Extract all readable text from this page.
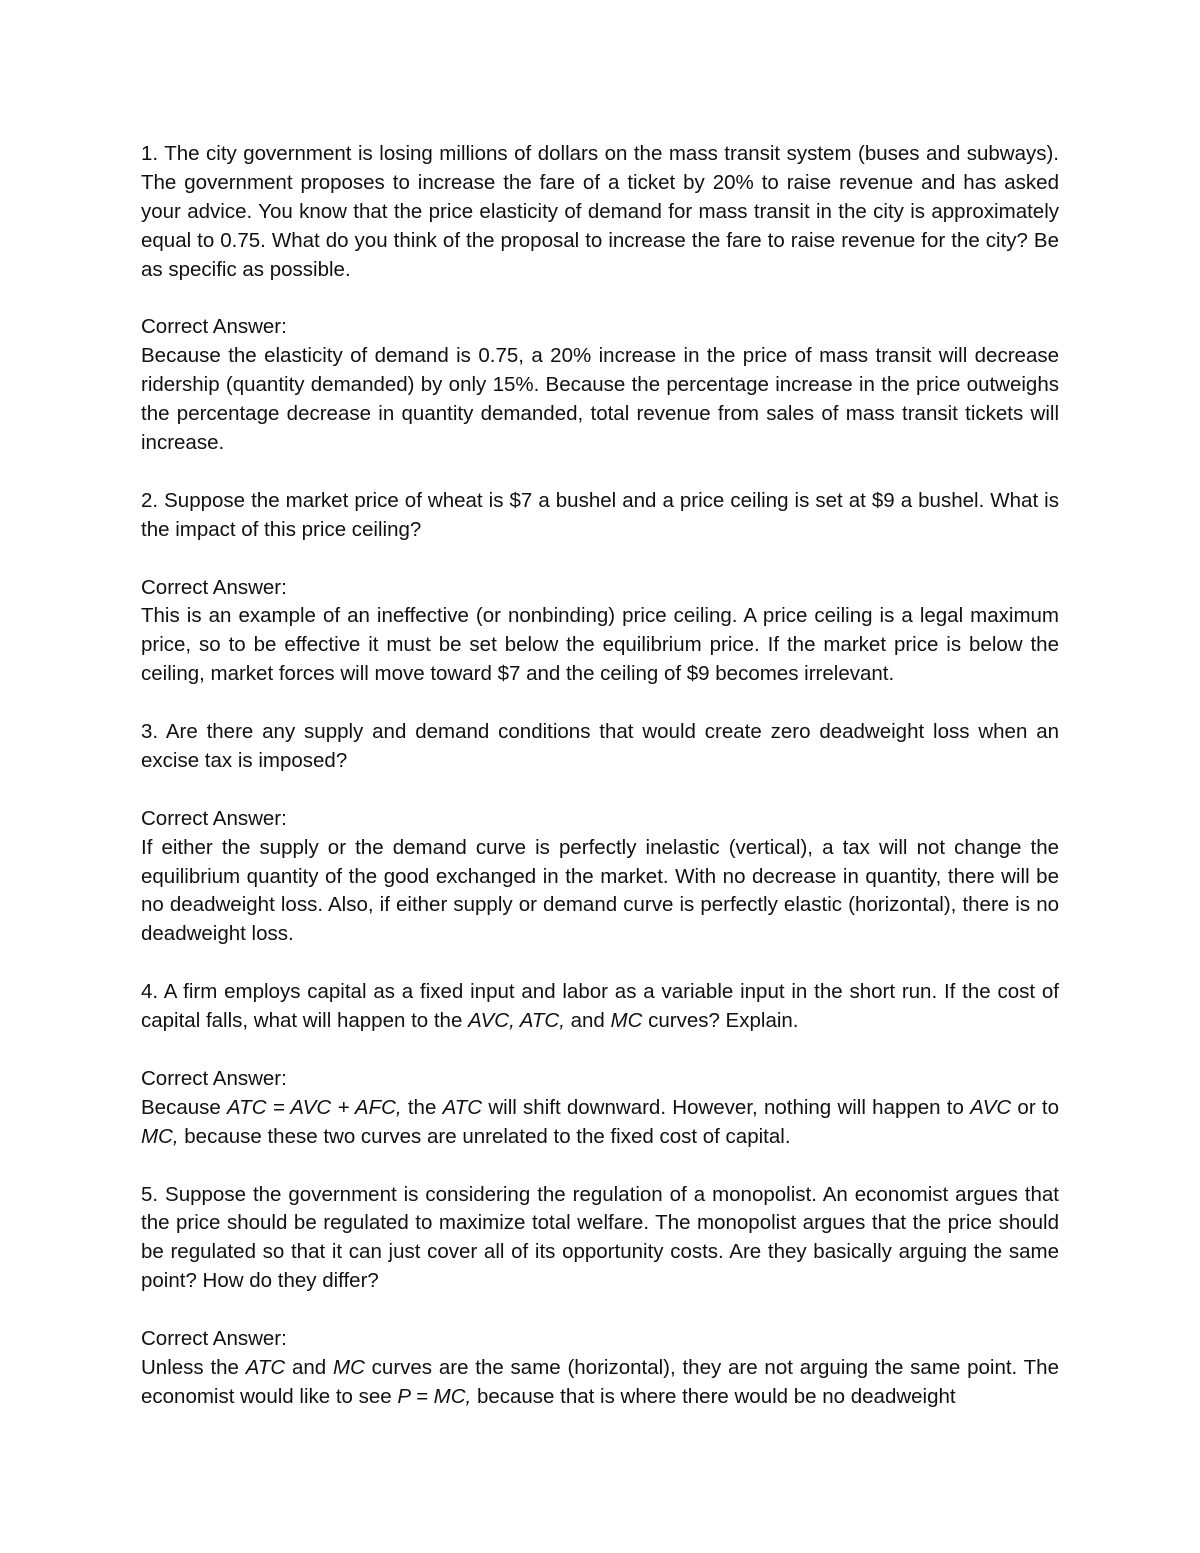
1. The city government is losing millions of dollars on the mass transit system (buses and subways). The government proposes to increase the fare of a ticket by 20% to raise revenue and has asked your advice. You know that the price elasticity of demand for mass transit in the city is approximately equal to 0.75. What do you think of the proposal to increase the fare to raise revenue for the city? Be as specific as possible.

Correct Answer:

Because the elasticity of demand is 0.75, a 20% increase in the price of mass transit will decrease ridership (quantity demanded) by only 15%. Because the percentage increase in the price outweighs the percentage decrease in quantity demanded, total revenue from sales of mass transit tickets will increase.

2. Suppose the market price of wheat is $7 a bushel and a price ceiling is set at $9 a bushel. What is the impact of this price ceiling?

Correct Answer:

This is an example of an ineffective (or nonbinding) price ceiling. A price ceiling is a legal maximum price, so to be effective it must be set below the equilibrium price. If the market price is below the ceiling, market forces will move toward $7 and the ceiling of $9 becomes irrelevant.

3. Are there any supply and demand conditions that would create zero deadweight loss when an excise tax is imposed?

Correct Answer:

If either the supply or the demand curve is perfectly inelastic (vertical), a tax will not change the equilibrium quantity of the good exchanged in the market. With no decrease in quantity, there will be no deadweight loss. Also, if either supply or demand curve is perfectly elastic (horizontal), there is no deadweight loss.

4. A firm employs capital as a fixed input and labor as a variable input in the short run. If the cost of capital falls, what will happen to the AVC, ATC, and MC curves? Explain.

Correct Answer:

Because ATC = AVC + AFC, the ATC will shift downward. However, nothing will happen to AVC or to MC, because these two curves are unrelated to the fixed cost of capital.

5. Suppose the government is considering the regulation of a monopolist. An economist argues that the price should be regulated to maximize total welfare. The monopolist argues that the price should be regulated so that it can just cover all of its opportunity costs. Are they basically arguing the same point? How do they differ?

Correct Answer:

Unless the ATC and MC curves are the same (horizontal), they are not arguing the same point. The economist would like to see P = MC, because that is where there would be no deadweight
